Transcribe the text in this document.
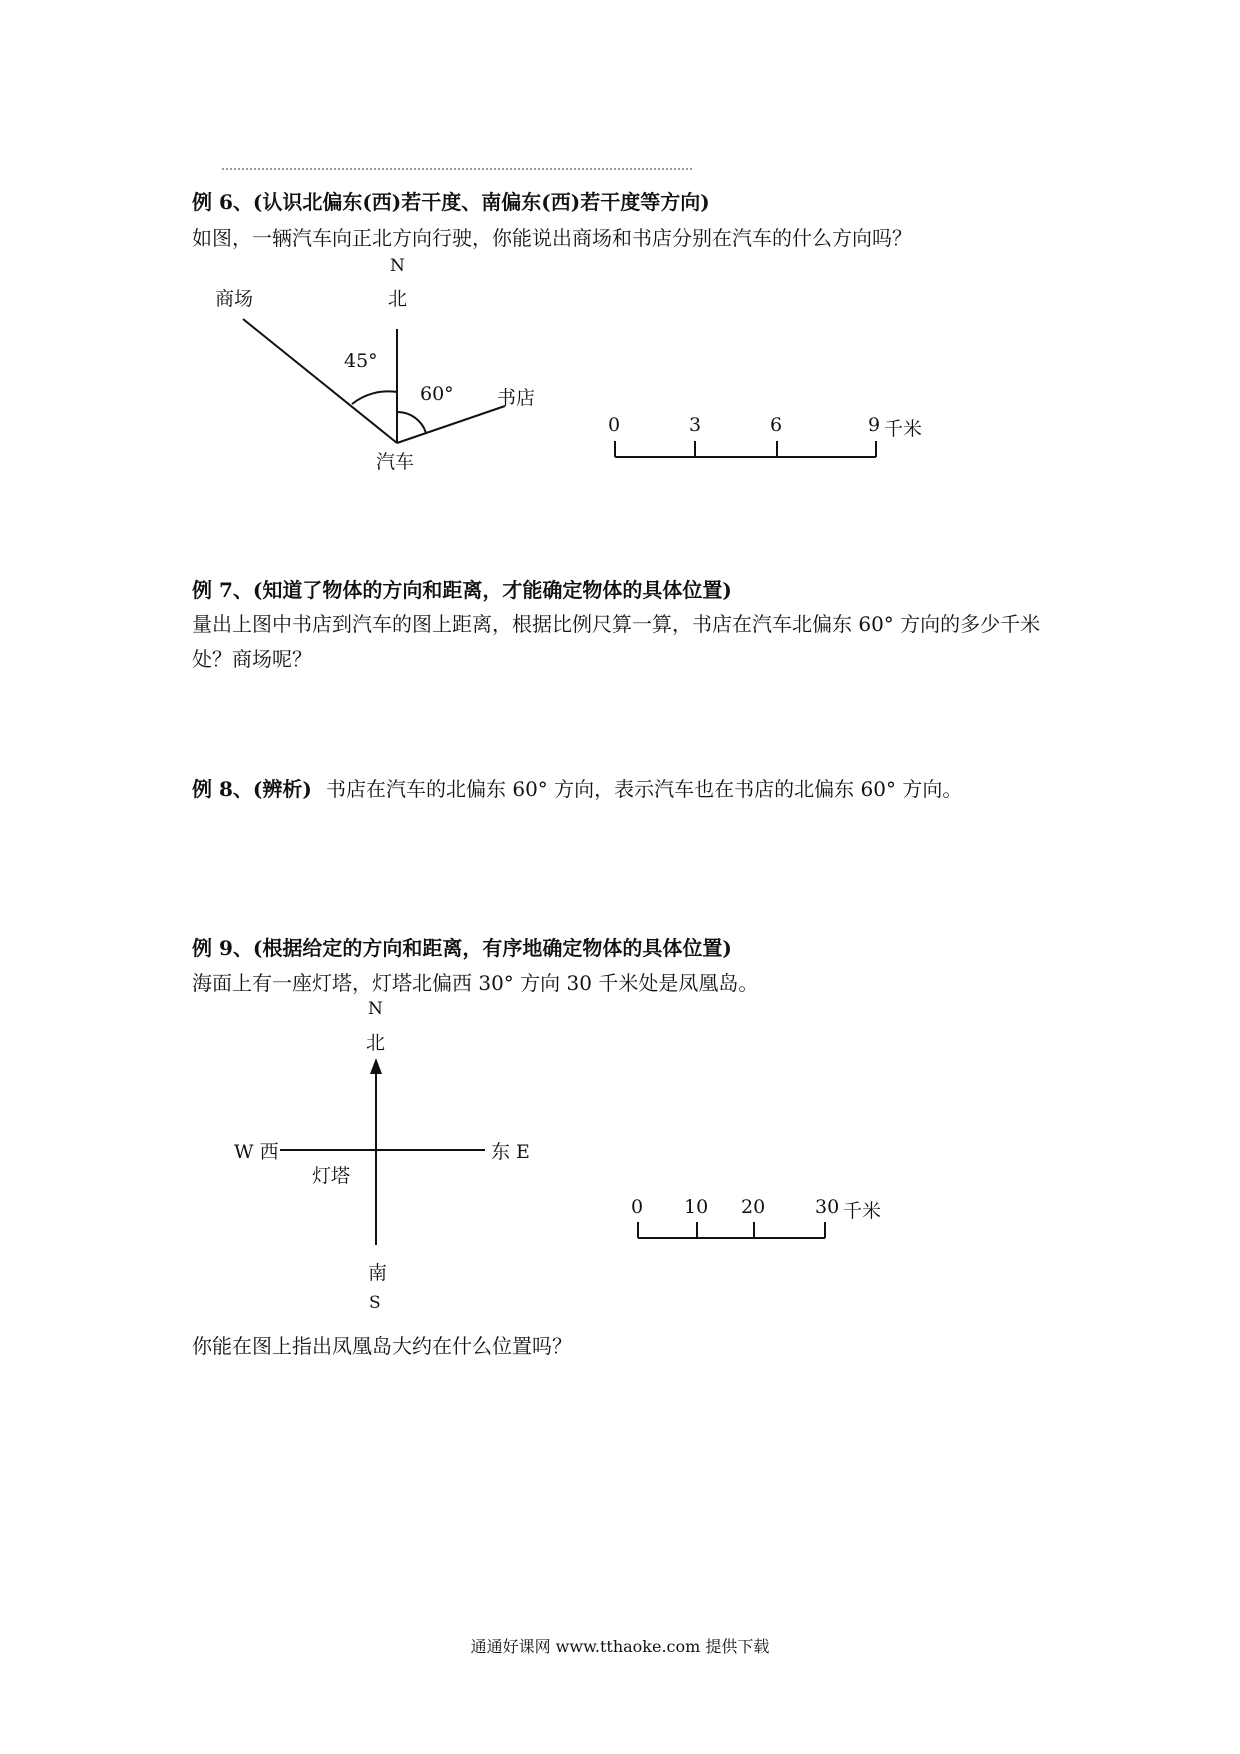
例 6、(认识北偏东(西)若干度、南偏东(西)若干度等方向)
如图，一辆汽车向正北方向行驶，你能说出商场和书店分别在汽车的什么方向吗？
N
北
商场
45°
60° 书店
汽车
0	3	6	9 千米
例 7、(知道了物体的方向和距离，才能确定物体的具体位置)
量出上图中书店到汽车的图上距离，根据比例尺算一算，书店在汽车北偏东 60° 方向的多少千米
处？商场呢？
例 8、(辨析) 书店在汽车的北偏东 60° 方向，表示汽车也在书店的北偏东 60° 方向。
例 9、(根据给定的方向和距离，有序地确定物体的具体位置)
海面上有一座灯塔，灯塔北偏西 30° 方向 30 千米处是凤凰岛。
N
北
W 西	东 E
灯塔
南
S
0 10 20	30 千米
你能在图上指出凤凰岛大约在什么位置吗？
通通好课网 www.tthaoke.com 提供下载
